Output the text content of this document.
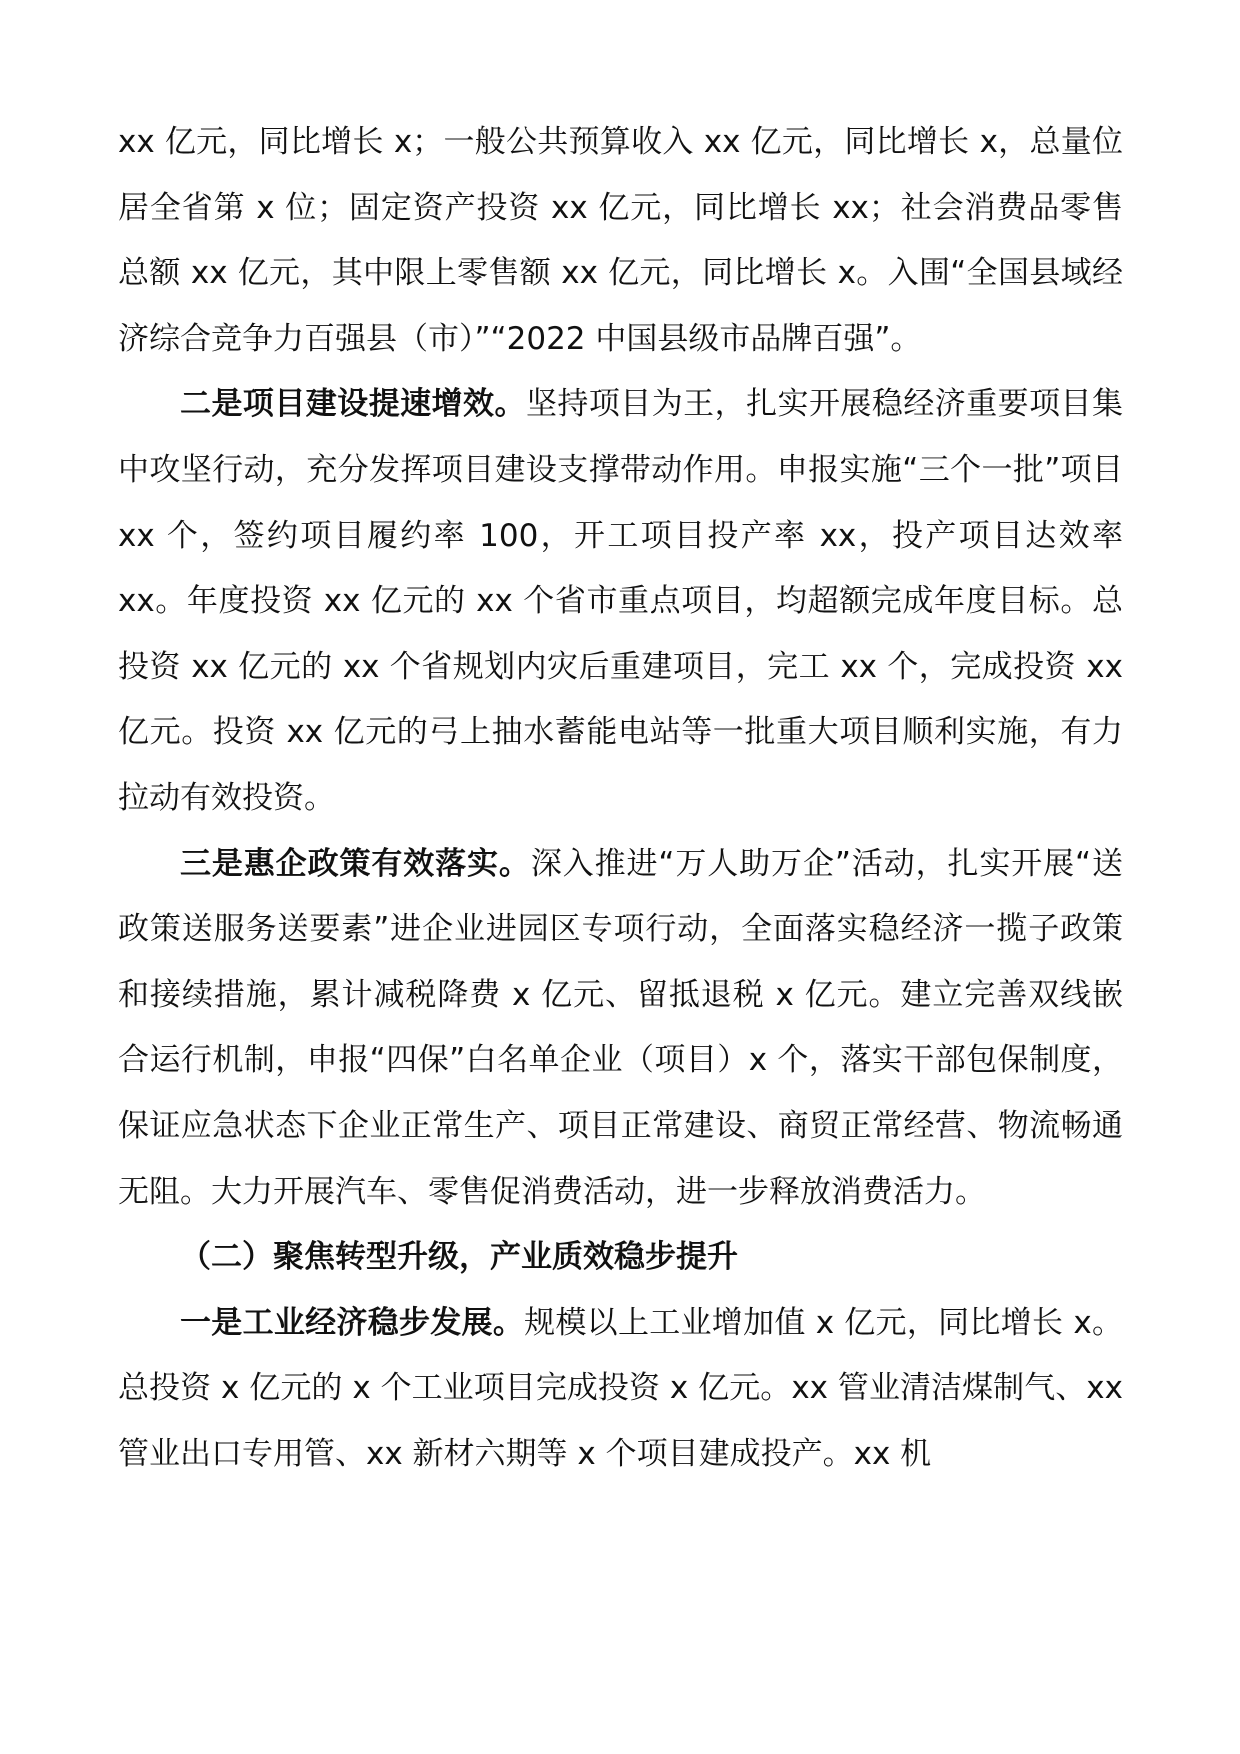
xx 亿元，同比增长 x；一般公共预算收入 xx 亿元，同比增长 x，总量位居全省第 x 位；固定资产投资 xx 亿元，同比增长 xx；社会消费品零售总额 xx 亿元，其中限上零售额 xx 亿元，同比增长 x。入围“全国县域经济综合竞争力百强县（市）”“2022 中国县级市品牌百强”。

二是项目建设提速增效。坚持项目为王，扎实开展稳经济重要项目集中攻坚行动，充分发挥项目建设支撑带动作用。申报实施“三个一批”项目 xx 个，签约项目履约率 100，开工项目投产率 xx，投产项目达效率 xx。年度投资 xx 亿元的 xx 个省市重点项目，均超额完成年度目标。总投资 xx 亿元的 xx 个省规划内灾后重建项目，完工 xx 个，完成投资 xx 亿元。投资 xx 亿元的弓上抽水蓄能电站等一批重大项目顺利实施，有力拉动有效投资。

三是惠企政策有效落实。深入推进“万人助万企”活动，扎实开展“送政策送服务送要素”进企业进园区专项行动，全面落实稳经济一揽子政策和接续措施，累计减税降费 x 亿元、留抵退税 x 亿元。建立完善双线嵌合运行机制，申报“四保”白名单企业（项目）x 个，落实干部包保制度，保证应急状态下企业正常生产、项目正常建设、商贸正常经营、物流畅通无阻。大力开展汽车、零售促消费活动，进一步释放消费活力。

（二）聚焦转型升级，产业质效稳步提升

一是工业经济稳步发展。规模以上工业增加值 x 亿元，同比增长 x。总投资 x 亿元的 x 个工业项目完成投资 x 亿元。xx 管业清洁煤制气、xx 管业出口专用管、xx 新材六期等 x 个项目建成投产。xx 机
